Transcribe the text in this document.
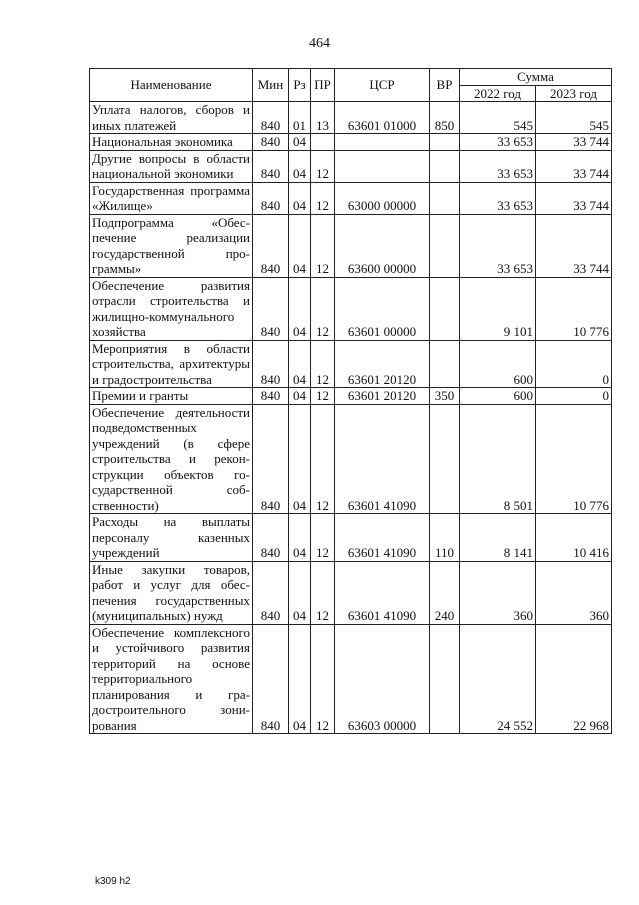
464
Наименование	Мин	Рз	ПР	ЦСР	ВР	Сумма	
						2022 год	2023 год
Уплата налогов, сборов и иных платежей	840	01	13	63601 01000	850	545	545
Национальная экономика	840	04				33 653	33 744
Другие вопросы в области национальной экономики	840	04	12			33 653	33 744
Государственная программа «Жилище»	840	04	12	63000 00000		33 653	33 744
Подпрограмма «Обеспечение реализации государственной программы»	840	04	12	63600 00000		33 653	33 744
Обеспечение развития отрасли строительства и жилищно-коммунального хозяйства	840	04	12	63601 00000		9 101	10 776
Мероприятия в области строительства, архитектуры и градостроительства	840	04	12	63601 20120		600	0
Премии и гранты	840	04	12	63601 20120	350	600	0
Обеспечение деятельности подведомственных учреждений (в сфере строительства и реконструкции объектов государственной собственности)	840	04	12	63601 41090		8 501	10 776
Расходы на выплаты персоналу казенных учреждений	840	04	12	63601 41090	110	8 141	10 416
Иные закупки товаров, работ и услуг для обеспечения государственных (муниципальных) нужд	840	04	12	63601 41090	240	360	360
Обеспечение комплексного и устойчивого развития территорий на основе территориального планирования и градостроительного зонирования	840	04	12	63603 00000		24 552	22 968
k309 h2
